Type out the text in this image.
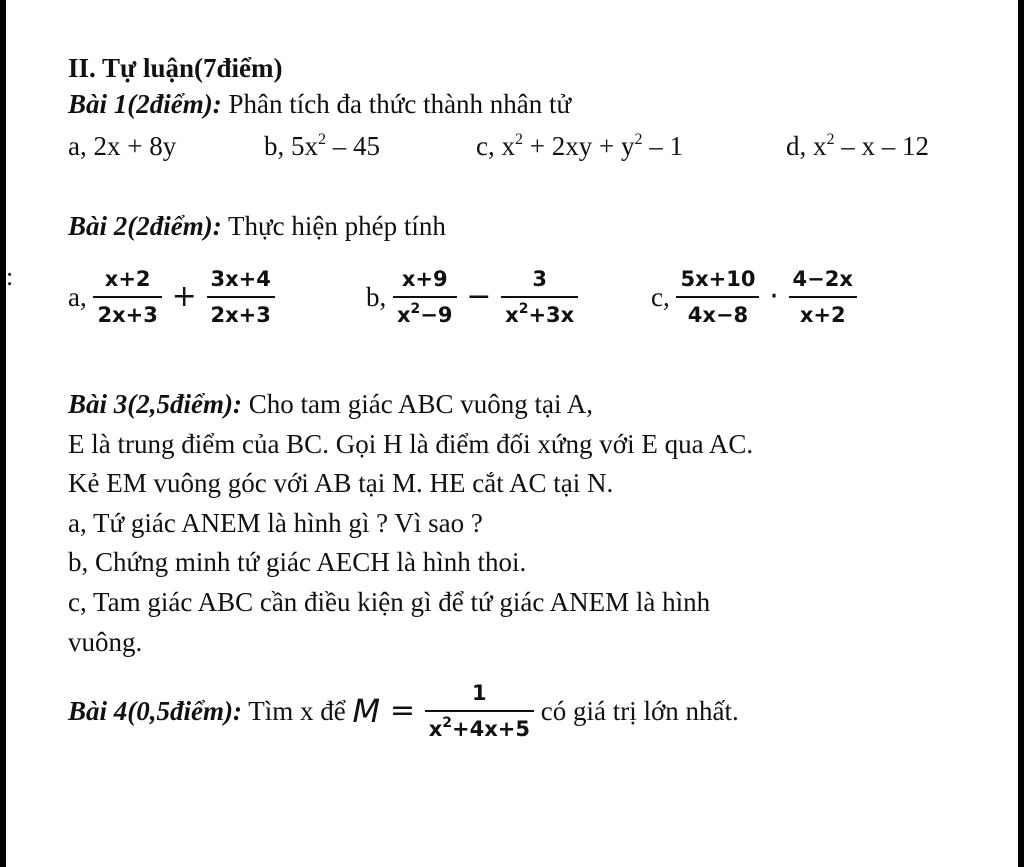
:
II. Tự luận(7điểm)
Bài 1(2điểm): Phân tích đa thức thành nhân tử
a, 2x + 8y	b, $5x^2 - 45$	c, $x^2 + 2xy + y^2 - 1$	d, $x^2$ – x – 12
Bài 2(2điểm): Thực hiện phép tính
a, $\frac{x+2}{2x+3} + \frac{3x+4}{2x+3}$	b, $\frac{x+9}{x^2-9} - \frac{3}{x^2+3x}$	c, $\frac{5x+10}{4x-8} \cdot \frac{4-2x}{x+2}$
Bài 3(2,5điểm): Cho tam giác ABC vuông tại A,
E là trung điểm của BC. Gọi H là điểm đối xứng với E qua AC.
Kẻ EM vuông góc với AB tại M. HE cắt AC tại N.
a, Tứ giác ANEM là hình gì ? Vì sao ?
b, Chứng minh tứ giác AECH là hình thoi.
c, Tam giác ABC cần điều kiện gì để tứ giác ANEM là hình
vuông.
Bài 4(0,5điểm): Tìm x để $M = \frac{1}{x^2+4x+5}$ có giá trị lớn nhất.
